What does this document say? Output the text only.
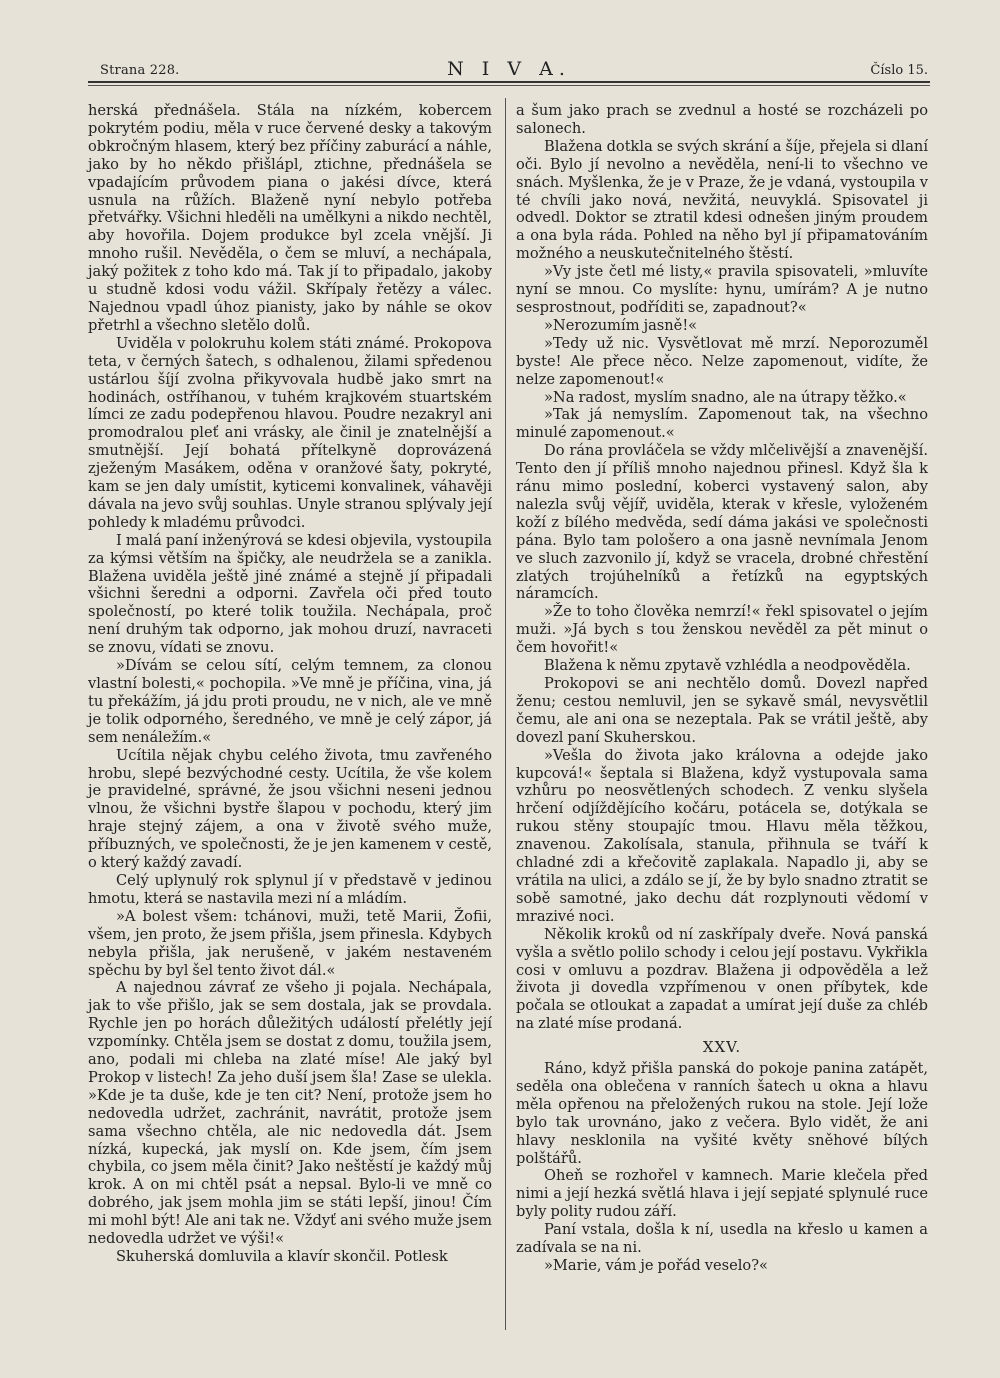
Strana 228.	N I V A.	Číslo 15.

herská přednášela. Stála na nízkém, kobercem pokrytém podiu, měla v ruce červené desky a takovým obkročným hlasem, který bez příčiny zaburácí a náhle, jako by ho někdo přišlápl, ztichne, přednášela se vpadajícím průvodem piana o jakési dívce, která usnula na růžích. Blaženě nyní nebylo potřeba přetvářky. Všichni hleděli na umělkyni a nikdo nechtěl, aby hovořila. Dojem produkce byl zcela vnější. Ji mnoho rušil. Nevěděla, o čem se mluví, a nechápala, jaký požitek z toho kdo má. Tak jí to připadalo, jakoby u studně kdosi vodu vážil. Skřípaly řetězy a válec. Najednou vpadl úhoz pianisty, jako by náhle se okov přetrhl a všechno sletělo dolů.

Uviděla v polokruhu kolem státi známé. Prokopova teta, v černých šatech, s odhalenou, žilami spředenou ustárlou šíjí zvolna přikyvovala hudbě jako smrt na hodinách, ostříhanou, v tuhém krajkovém stuartském límci ze zadu podepřenou hlavou. Poudre nezakryl ani promodralou pleť ani vrásky, ale činil je znatelnější a smutnější. Její bohatá přítelkyně doprovázená zježeným Masákem, oděna v oranžové šaty, pokryté, kam se jen daly umístit, kyticemi konvalinek, váhavěji dávala na jevo svůj souhlas. Unyle stranou splývaly její pohledy k mladému průvodci.

I malá paní inženýrová se kdesi objevila, vystoupila za kýmsi větším na špičky, ale neudrželа se a zanikla. Blažena uviděla ještě jiné známé a stejně jí připadali všichni šeredni a odporni. Zavřela oči před touto společností, po které tolik toužila. Nechápala, proč není druhým tak odporno, jak mohou druzí, navraceti se znovu, vídati se znovu.

»Dívám se celou sítí, celým temnem, za clonou vlastní bolesti,« pochopila. »Ve mně je příčina, vina, já tu překážím, já jdu proti proudu, ne v nich, ale ve mně je tolik odporného, šeredného, ve mně je celý zápor, já sem nenáležím.«

Ucítila nějak chybu celého života, tmu zavřeného hrobu, slepé bezvýchodné cesty. Ucítila, že vše kolem je pravidelné, správné, že jsou všichni neseni jednou vlnou, že všichni bystře šlapou v pochodu, který jim hraje stejný zájem, a ona v životě svého muže, příbuzných, ve společnosti, že je jen kamenem v cestě, o který každý zavadí.

Celý uplynulý rok splynul jí v představě v jedinou hmotu, která se nastavila mezi ní a mládím.

»A bolest všem: tchánovi, muži, tetě Marii, Žofii, všem, jen proto, že jsem přišla, jsem přinesla. Kdybych nebyla přišla, jak nerušeně, v jakém nestaveném spěchu by byl šel tento život dál.«

A najednou závrať ze všeho ji pojala. Nechápala, jak to vše přišlo, jak se sem dostala, jak se provdala. Rychle jen po horách důležitých událostí přelétly její vzpomínky. Chtěla jsem se dostat z domu, toužila jsem, ano, podali mi chleba na zlaté míse! Ale jaký byl Prokop v listech! Za jeho duší jsem šla! Zase se ulekla. »Kde je ta duše, kde je ten cit? Není, protože jsem ho nedovedla udržet, zachránit, navrátit, protože jsem sama všechno chtěla, ale nic nedovedla dát. Jsem nízká, kupecká, jak myslí on. Kde jsem, čím jsem chybila, co jsem měla činit? Jako neštěstí je každý můj krok. A on mi chtěl psát a nepsal. Bylo-li ve mně co dobrého, jak jsem mohla jim se státi lepší, jinou! Čím mi mohl být! Ale ani tak ne. Vždyť ani svého muže jsem nedovedla udržet ve výši!«

Skuherská domluvila a klavír skončil. Potlesk

a šum jako prach se zvednul a hosté se rozcházeli po salonech.

Blažena dotkla se svých skrání a šíje, přejela si dlaní oči. Bylo jí nevolno a nevěděla, není-li to všechno ve snách. Myšlenka, že je v Praze, že je vdaná, vystoupila v té chvíli jako nová, nevžitá, neuvyklá. Spisovatel ji odvedl. Doktor se ztratil kdesi odnešen jiným proudem a ona byla ráda. Pohled na něho byl jí připamatováním možného a neuskutečnitelného štěstí.

»Vy jste četl mé listy,« pravila spisovateli, »mluvíte nyní se mnou. Co myslíte: hynu, umírám? A je nutno sesprostnout, podříditi se, zapadnout?«

»Nerozumím jasně!«

»Tedy už nic. Vysvětlovat mě mrzí. Neporozuměl byste! Ale přece něco. Nelze zapomenout, vidíte, že nelze zapomenout!«

»Na radost, myslím snadno, ale na útrapy těžko.«

»Tak já nemyslím. Zapomenout tak, na všechno minulé zapomenout.«

Do rána provláčela se vždy mlčelivější a znavenější. Tento den jí příliš mnoho najednou přinesl. Když šla k ránu mimo poslední, koberci vystavený salon, aby nalezla svůj vějíř, uviděla, kterak v křesle, vyloženém koží z bílého medvěda, sedí dáma jakási ve společnosti pána. Bylo tam pološero a ona jasně nevnímala Jenom ve sluch zazvonilo jí, když se vracela, drobné chřestění zlatých trojúhelníků a řetízků na egyptských náramcích.

»Že to toho člověka nemrzí!« řekl spisovatel o jejím muži. »Já bych s tou ženskou nevěděl za pět minut o čem hovořit!«

Blažena k němu zpytavě vzhlédla a neodpověděla.

Prokopovi se ani nechtělo domů. Dovezl napřed ženu; cestou nemluvil, jen se sykavě smál, nevysvětlil čemu, ale ani ona se nezeptala. Pak se vrátil ještě, aby dovezl paní Skuherskou.

»Vešla do života jako královna a odejde jako kupcová!« šeptala si Blažena, když vystupovala sama vzhůru po neosvětlených schodech. Z venku slyšela hrčení odjíždějícího kočáru, potácela se, dotýkala se rukou stěny stoupajíc tmou. Hlavu měla těžkou, znavenou. Zakolísala, stanula, přihnula se tváří k chladné zdi a křečovitě zaplakala. Napadlo ji, aby se vrátila na ulici, a zdálo se jí, že by bylo snadno ztratit se sobě samotné, jako dechu dát rozplynouti vědomí v mrazivé noci.

Několik kroků od ní zaskřípaly dveře. Nová panská vyšla a světlo polilo schody i celou její postavu. Vykřikla cosi v omluvu a pozdrav. Blažena ji odpověděla a lež života ji dovedla vzpřímenou v onen příbytek, kde počala se otloukat a zapadat a umírat její duše za chléb na zlaté míse prodaná.

XXV.

Ráno, když přišla panská do pokoje panina zatápět, seděla ona oblečena v ranních šatech u okna a hlavu měla opřenou na přeložených rukou na stole. Její lože bylo tak urovnáno, jako z večera. Bylo vidět, že ani hlavy nesklonila na vyšité květy sněhové bílých polštářů.

Oheň se rozhořel v kamnech. Marie klečela před nimi a její hezká světlá hlava i její sepjaté splynulé ruce byly polity rudou září.

Paní vstala, došla k ní, usedla na křeslo u kamen a zadívala se na ni.

»Marie, vám je pořád veselo?«
